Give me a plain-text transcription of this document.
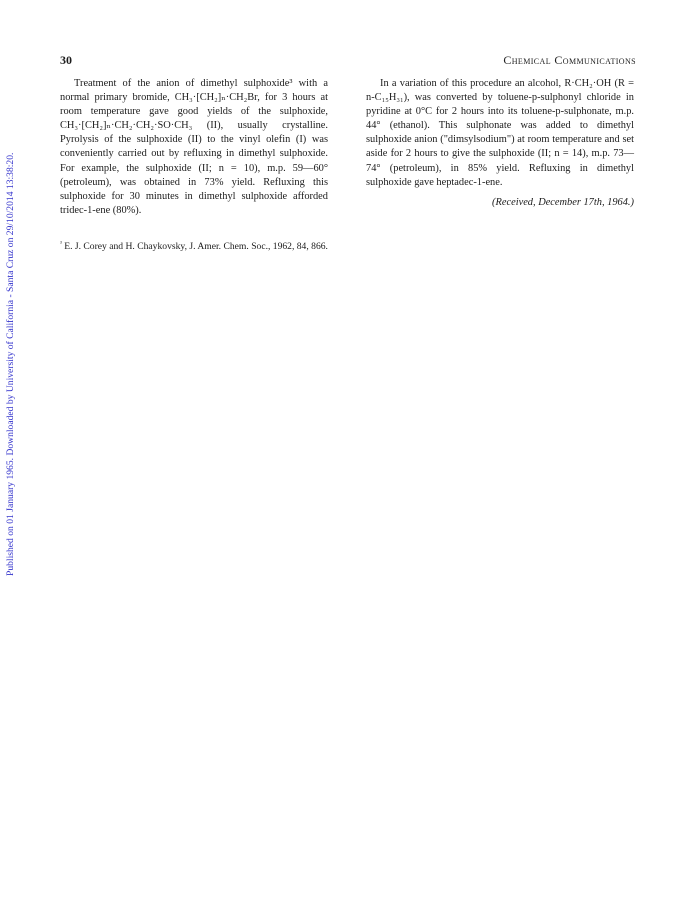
Published on 01 January 1965. Downloaded by University of California - Santa Cruz on 29/10/2014 13:38:20.
30	Chemical Communications

Treatment of the anion of dimethyl sulphoxide³ with a normal primary bromide, CH₃·[CH₂]ₙ·CH₂Br, for 3 hours at room temperature gave good yields of the sulphoxide, CH₃·[CH₂]ₙ·CH₂·CH₂·SO·CH₃ (II), usually crystalline. Pyrolysis of the sulphoxide (II) to the vinyl olefin (I) was conveniently carried out by refluxing in dimethyl sulphoxide. For example, the sulphoxide (II; n = 10), m.p. 59—60° (petroleum), was obtained in 73% yield. Refluxing this sulphoxide for 30 minutes in dimethyl sulphoxide afforded tridec-1-ene (80%).

In a variation of this procedure an alcohol, R·CH₂·OH (R = n-C₁₅H₃₁), was converted by toluene-p-sulphonyl chloride in pyridine at 0°C for 2 hours into its toluene-p-sulphonate, m.p. 44° (ethanol). This sulphonate was added to dimethyl sulphoxide anion ("dimsylsodium") at room temperature and set aside for 2 hours to give the sulphoxide (II; n = 14), m.p. 73—74° (petroleum), in 85% yield. Refluxing in dimethyl sulphoxide gave heptadec-1-ene.

(Received, December 17th, 1964.)
$^{^3}$ E. J. Corey and H. Chaykovsky, J. Amer. Chem. Soc., 1962, 84, 866.
